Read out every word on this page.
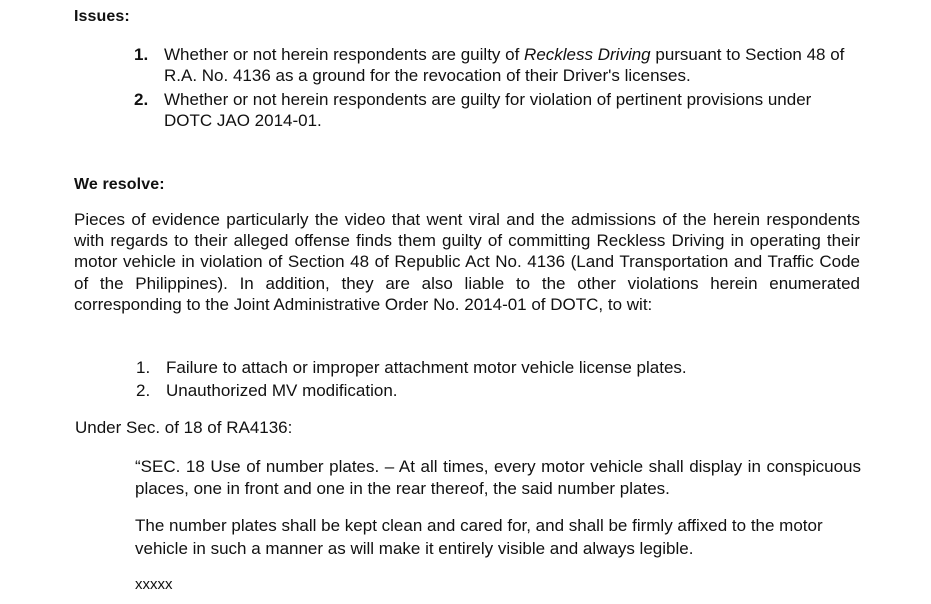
Issues:
1. Whether or not herein respondents are guilty of Reckless Driving pursuant to Section 48 of R.A. No. 4136 as a ground for the revocation of their Driver's licenses.
2. Whether or not herein respondents are guilty for violation of pertinent provisions under DOTC JAO 2014-01.
We resolve:

Pieces of evidence particularly the video that went viral and the admissions of the herein respondents with regards to their alleged offense finds them guilty of committing Reckless Driving in operating their motor vehicle in violation of Section 48 of Republic Act No. 4136 (Land Transportation and Traffic Code of the Philippines). In addition, they are also liable to the other violations herein enumerated corresponding to the Joint Administrative Order No. 2014-01 of DOTC, to wit:

1. Failure to attach or improper attachment motor vehicle license plates.
2. Unauthorized MV modification.

Under Sec. of 18 of RA4136:

“SEC. 18 Use of number plates. – At all times, every motor vehicle shall display in conspicuous places, one in front and one in the rear thereof, the said number plates.

The number plates shall be kept clean and cared for, and shall be firmly affixed to the motor vehicle in such a manner as will make it entirely visible and always legible.

xxxxx
